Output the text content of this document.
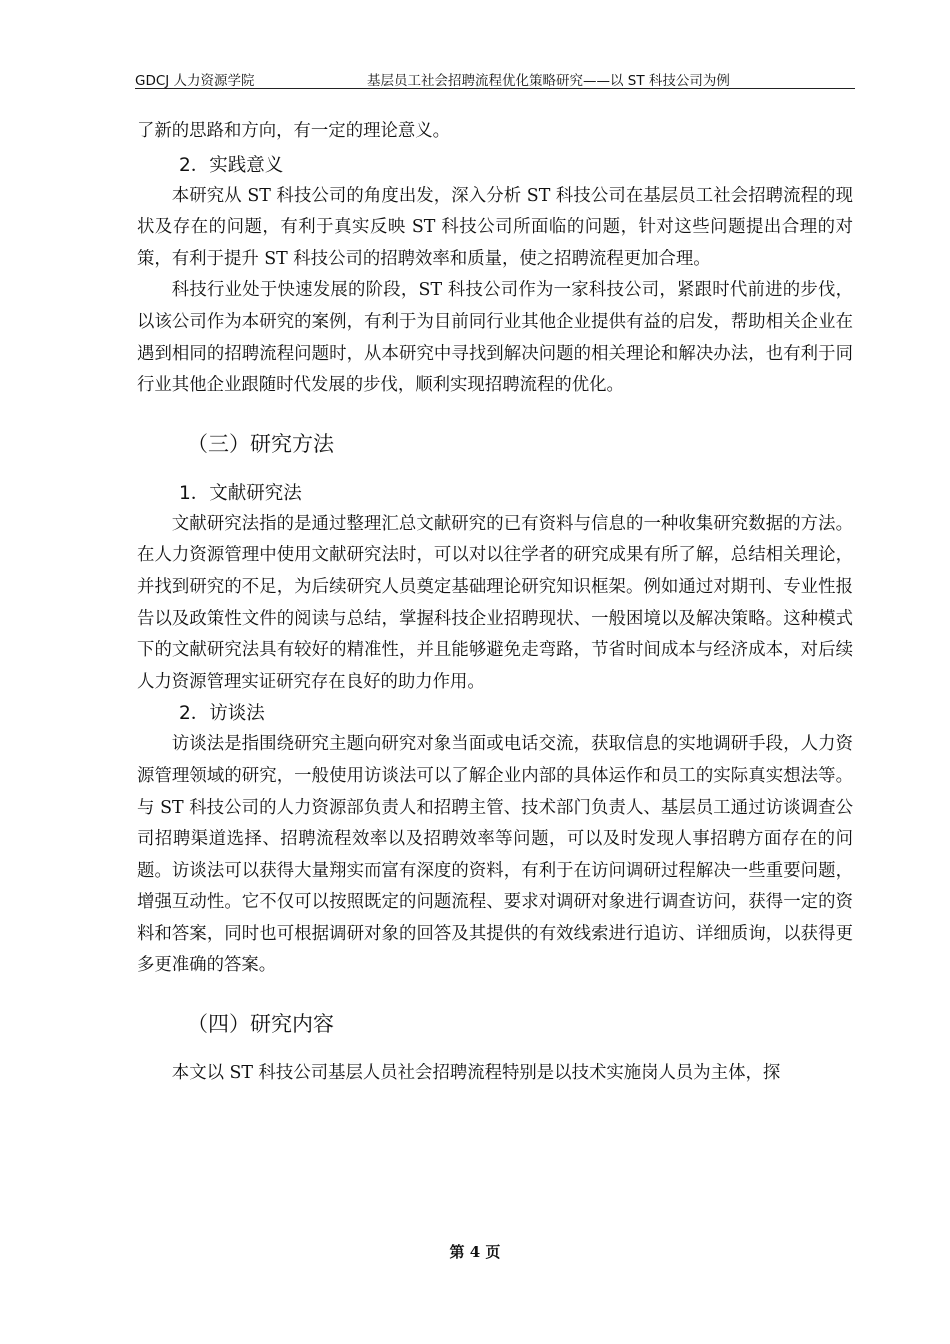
GDCJ 人力资源学院	基层员工社会招聘流程优化策略研究——以 ST 科技公司为例

了新的思路和方向，有一定的理论意义。

2．实践意义

本研究从 ST 科技公司的角度出发，深入分析 ST 科技公司在基层员工社会招聘流程的现状及存在的问题，有利于真实反映 ST 科技公司所面临的问题，针对这些问题提出合理的对策，有利于提升 ST 科技公司的招聘效率和质量，使之招聘流程更加合理。

科技行业处于快速发展的阶段，ST 科技公司作为一家科技公司，紧跟时代前进的步伐，以该公司作为本研究的案例，有利于为目前同行业其他企业提供有益的启发，帮助相关企业在遇到相同的招聘流程问题时，从本研究中寻找到解决问题的相关理论和解决办法，也有利于同行业其他企业跟随时代发展的步伐，顺利实现招聘流程的优化。

（三）研究方法

1．文献研究法

文献研究法指的是通过整理汇总文献研究的已有资料与信息的一种收集研究数据的方法。在人力资源管理中使用文献研究法时，可以对以往学者的研究成果有所了解，总结相关理论，并找到研究的不足，为后续研究人员奠定基础理论研究知识框架。例如通过对期刊、专业性报告以及政策性文件的阅读与总结，掌握科技企业招聘现状、一般困境以及解决策略。这种模式下的文献研究法具有较好的精准性，并且能够避免走弯路，节省时间成本与经济成本，对后续人力资源管理实证研究存在良好的助力作用。

2．访谈法

访谈法是指围绕研究主题向研究对象当面或电话交流，获取信息的实地调研手段，人力资源管理领域的研究，一般使用访谈法可以了解企业内部的具体运作和员工的实际真实想法等。与 ST 科技公司的人力资源部负责人和招聘主管、技术部门负责人、基层员工通过访谈调查公司招聘渠道选择、招聘流程效率以及招聘效率等问题，可以及时发现人事招聘方面存在的问题。访谈法可以获得大量翔实而富有深度的资料，有利于在访问调研过程解决一些重要问题，增强互动性。它不仅可以按照既定的问题流程、要求对调研对象进行调查访问，获得一定的资料和答案，同时也可根据调研对象的回答及其提供的有效线索进行追访、详细质询，以获得更多更准确的答案。

（四）研究内容

本文以 ST 科技公司基层人员社会招聘流程特别是以技术实施岗人员为主体，探

第 4 页
